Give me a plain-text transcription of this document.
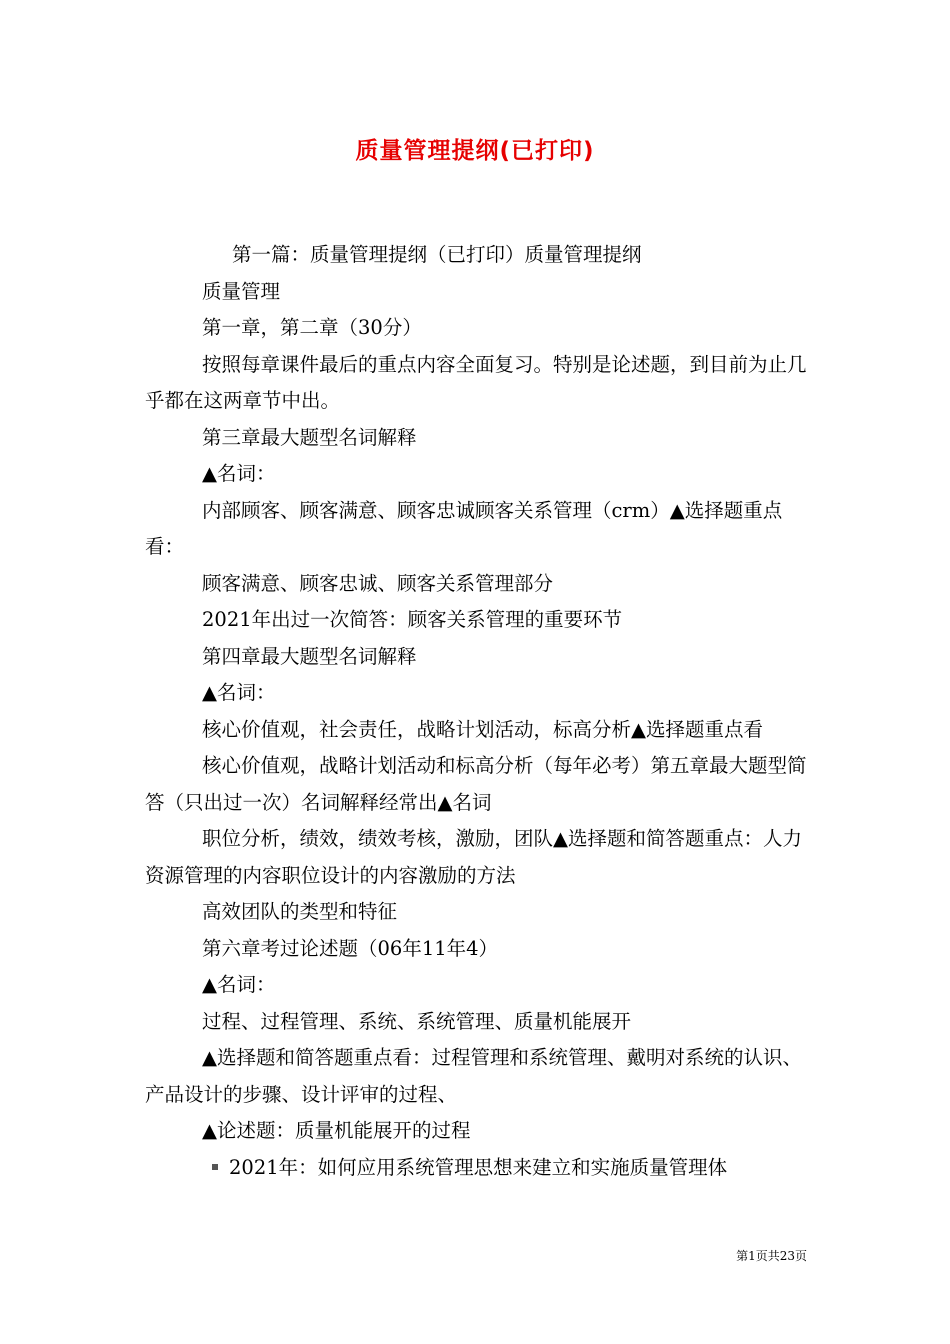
质量管理提纲(已打印)

第一篇：质量管理提纲（已打印）质量管理提纲

质量管理

第一章，第二章（30分）

按照每章课件最后的重点内容全面复习。特别是论述题，到目前为止几乎都在这两章节中出。

第三章最大题型名词解释

▲名词：

内部顾客、顾客满意、顾客忠诚顾客关系管理（crm）▲选择题重点看：

顾客满意、顾客忠诚、顾客关系管理部分

2021年出过一次简答：顾客关系管理的重要环节

第四章最大题型名词解释

▲名词：

核心价值观，社会责任，战略计划活动，标高分析▲选择题重点看

核心价值观，战略计划活动和标高分析（每年必考）第五章最大题型简答（只出过一次）名词解释经常出▲名词

职位分析，绩效，绩效考核，激励，团队▲选择题和简答题重点：人力资源管理的内容职位设计的内容激励的方法

高效团队的类型和特征

第六章考过论述题（06年11年4）

▲名词：

过程、过程管理、系统、系统管理、质量机能展开

▲选择题和简答题重点看：过程管理和系统管理、戴明对系统的认识、产品设计的步骤、设计评审的过程、

▲论述题：质量机能展开的过程

2021年：如何应用系统管理思想来建立和实施质量管理体
第1页共23页
